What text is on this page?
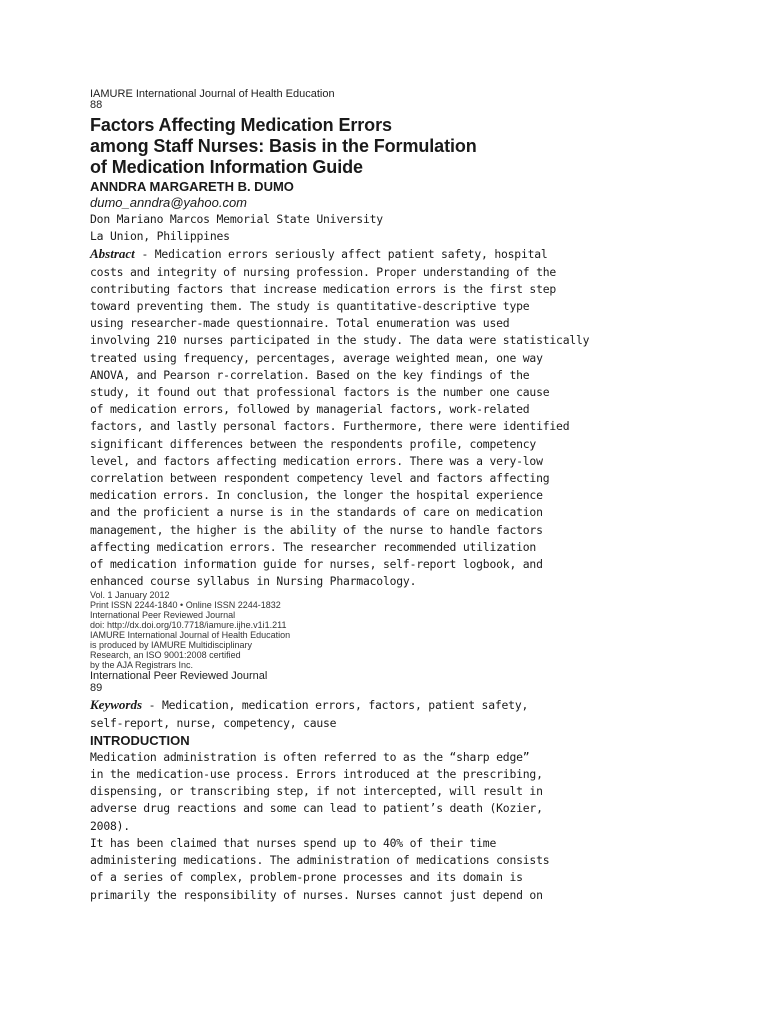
IAMURE International Journal of Health Education
88
Factors Affecting Medication Errors
among Staff Nurses: Basis in the Formulation
of Medication Information Guide
ANNDRA MARGARETH B. DUMO
dumo_anndra@yahoo.com
Don Mariano Marcos Memorial State University
La Union, Philippines
Abstract - Medication errors seriously affect patient safety, hospital
costs and integrity of nursing profession. Proper understanding of the
contributing factors that increase medication errors is the first step
toward preventing them. The study is quantitative-descriptive type
using researcher-made questionnaire. Total enumeration was used
involving 210 nurses participated in the study. The data were statistically
treated using frequency, percentages, average weighted mean, one way
ANOVA, and Pearson r-correlation. Based on the key findings of the
study, it found out that professional factors is the number one cause
of medication errors, followed by managerial factors, work-related
factors, and lastly personal factors. Furthermore, there were identified
significant differences between the respondents profile, competency
level, and factors affecting medication errors. There was a very-low
correlation between respondent competency level and factors affecting
medication errors. In conclusion, the longer the hospital experience
and the proficient a nurse is in the standards of care on medication
management, the higher is the ability of the nurse to handle factors
affecting medication errors. The researcher recommended utilization
of medication information guide for nurses, self-report logbook, and
enhanced course syllabus in Nursing Pharmacology.
Vol. 1 January 2012
Print ISSN 2244-1840 • Online ISSN 2244-1832
International Peer Reviewed Journal
doi: http://dx.doi.org/10.7718/iamure.ijhe.v1i1.211
IAMURE International Journal of Health Education
is produced by IAMURE Multidisciplinary
Research, an ISO 9001:2008 certified
by the AJA Registrars Inc.
International Peer Reviewed Journal
89
Keywords - Medication, medication errors, factors, patient safety,
self-report, nurse, competency, cause
INTRODUCTION
Medication administration is often referred to as the “sharp edge”
in the medication-use process. Errors introduced at the prescribing,
dispensing, or transcribing step, if not intercepted, will result in
adverse drug reactions and some can lead to patient’s death (Kozier,
2008).
It has been claimed that nurses spend up to 40% of their time
administering medications. The administration of medications consists
of a series of complex, problem-prone processes and its domain is
primarily the responsibility of nurses. Nurses cannot just depend on
